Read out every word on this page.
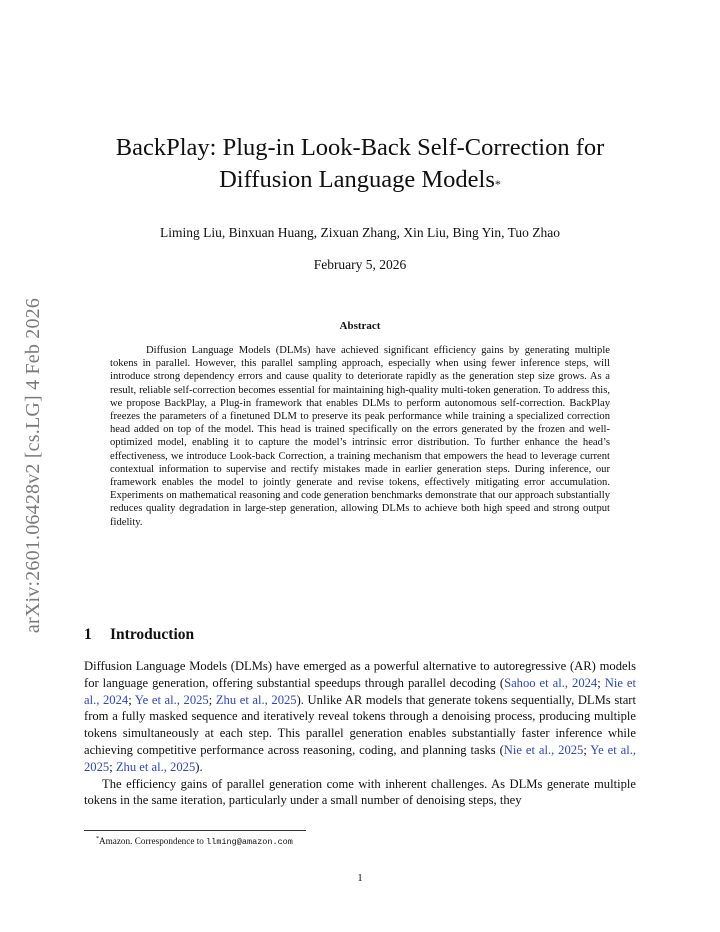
arXiv:2601.06428v2 [cs.LG] 4 Feb 2026
BackPlay: Plug-in Look-Back Self-Correction for
Diffusion Language Models*
Liming Liu, Binxuan Huang, Zixuan Zhang, Xin Liu, Bing Yin, Tuo Zhao
February 5, 2026
Abstract

Diffusion Language Models (DLMs) have achieved significant efficiency gains by generating multiple tokens in parallel. However, this parallel sampling approach, especially when using fewer inference steps, will introduce strong dependency errors and cause quality to deteriorate rapidly as the generation step size grows. As a result, reliable self-correction becomes essential for maintaining high-quality multi-token generation. To address this, we propose BackPlay, a Plug-in framework that enables DLMs to perform autonomous self-correction. BackPlay freezes the parameters of a finetuned DLM to preserve its peak performance while training a specialized correction head added on top of the model. This head is trained specifically on the errors generated by the frozen and well-optimized model, enabling it to capture the model’s intrinsic error distribution. To further enhance the head’s effectiveness, we introduce Look-back Correction, a training mechanism that empowers the head to leverage current contextual information to supervise and rectify mistakes made in earlier generation steps. During inference, our framework enables the model to jointly generate and revise tokens, effectively mitigating error accumulation. Experiments on mathematical reasoning and code generation benchmarks demonstrate that our approach substantially reduces quality degradation in large-step generation, allowing DLMs to achieve both high speed and strong output fidelity.

1 Introduction

Diffusion Language Models (DLMs) have emerged as a powerful alternative to autoregressive (AR) models for language generation, offering substantial speedups through parallel decoding (Sahoo et al., 2024; Nie et al., 2024; Ye et al., 2025; Zhu et al., 2025). Unlike AR models that generate tokens sequentially, DLMs start from a fully masked sequence and iteratively reveal tokens through a denoising process, producing multiple tokens simultaneously at each step. This parallel generation enables substantially faster inference while achieving competitive performance across reasoning, coding, and planning tasks (Nie et al., 2025; Ye et al., 2025; Zhu et al., 2025).

The efficiency gains of parallel generation come with inherent challenges. As DLMs generate multiple tokens in the same iteration, particularly under a small number of denoising steps, they

*Amazon. Correspondence to llming@amazon.com
1
